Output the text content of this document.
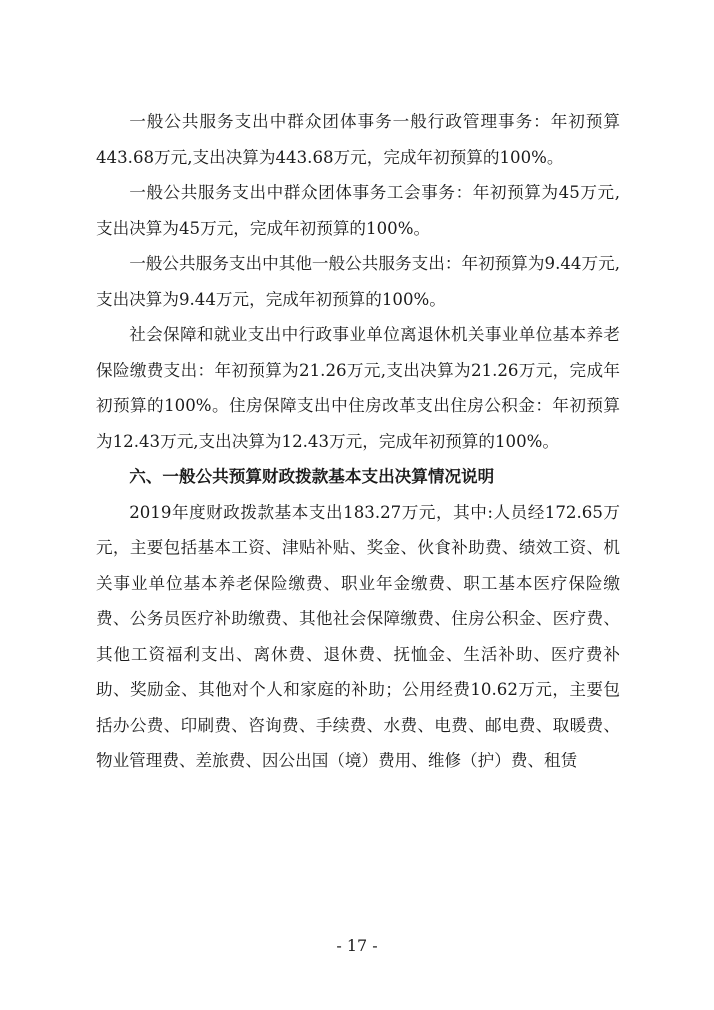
一般公共服务支出中群众团体事务一般行政管理事务：年初预算443.68万元,支出决算为443.68万元，完成年初预算的100%。

一般公共服务支出中群众团体事务工会事务：年初预算为45万元,支出决算为45万元，完成年初预算的100%。

一般公共服务支出中其他一般公共服务支出：年初预算为9.44万元,支出决算为9.44万元，完成年初预算的100%。

社会保障和就业支出中行政事业单位离退休机关事业单位基本养老保险缴费支出：年初预算为21.26万元,支出决算为21.26万元，完成年初预算的100%。住房保障支出中住房改革支出住房公积金：年初预算为12.43万元,支出决算为12.43万元，完成年初预算的100%。

六、一般公共预算财政拨款基本支出决算情况说明

2019年度财政拨款基本支出183.27万元，其中:人员经172.65万元，主要包括基本工资、津贴补贴、奖金、伙食补助费、绩效工资、机关事业单位基本养老保险缴费、职业年金缴费、职工基本医疗保险缴费、公务员医疗补助缴费、其他社会保障缴费、住房公积金、医疗费、其他工资福利支出、离休费、退休费、抚恤金、生活补助、医疗费补助、奖励金、其他对个人和家庭的补助；公用经费10.62万元，主要包括办公费、印刷费、咨询费、手续费、水费、电费、邮电费、取暖费、物业管理费、差旅费、因公出国（境）费用、维修（护）费、租赁

- 17 -
